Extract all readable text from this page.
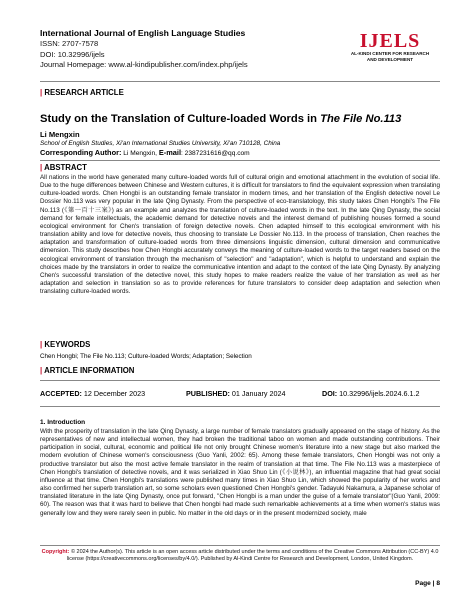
International Journal of English Language Studies
ISSN: 2707-7578
DOI: 10.32996/ijels
Journal Homepage: www.al-kindipublisher.com/index.php/ijels
IJELS
AL-KINDI CENTER FOR RESEARCH
AND DEVELOPMENT
| RESEARCH ARTICLE
Study on the Translation of Culture-loaded Words in The File No.113
Li Mengxin
School of English Studies, Xi'an International Studies University, Xi'an 710128, China
Corresponding Author: Li Mengxin, E-mail: 2387231616@qq.com
| ABSTRACT
All nations in the world have generated many culture-loaded words full of cultural origin and emotional attachment in the evolution of social life. Due to the huge differences between Chinese and Western cultures, it is difficult for translators to find the equivalent expression when translating culture-loaded words. Chen Hongbi is an outstanding female translator in modern times, and her translation of the English detective novel Le Dossier No.113 was very popular in the late Qing Dynasty. From the perspective of eco-translatology, this study takes Chen Hongbi's The File No.113 (《第一百十三案》) as an example and analyzes the translation of culture-loaded words in the text. In the late Qing Dynasty, the social demand for female intellectuals, the academic demand for detective novels and the interest demand of publishing houses formed a sound ecological environment for Chen's translation of foreign detective novels. Chen adapted himself to this ecological environment with his translation ability and love for detective novels, thus choosing to translate Le Dossier No.113. In the process of translation, Chen reaches the adaptation and transformation of culture-loaded words from three dimensions linguistic dimension, cultural dimension and communicative dimension. This study describes how Chen Hongbi accurately conveys the meaning of culture-loaded words to the target readers based on the ecological environment of translation through the mechanism of "selection" and "adaptation", which is helpful to understand and explain the choices made by the translators in order to realize the communicative intention and adapt to the context of the late Qing Dynasty. By analyzing Chen's successful translation of the detective novel, this study hopes to make readers realize the value of her translation as well as her adaptation and selection in translation so as to provide references for future translators to consider deep adaptation and selection when translating culture-loaded words.
| KEYWORDS
Chen Hongbi; The File No.113; Culture-loaded Words; Adaptation; Selection
| ARTICLE INFORMATION
ACCEPTED: 12 December 2023	PUBLISHED: 01 January 2024	DOI: 10.32996/ijels.2024.6.1.2
1. Introduction
With the prosperity of translation in the late Qing Dynasty, a large number of female translators gradually appeared on the stage of history. As the representatives of new and intellectual women, they had broken the traditional taboo on women and made outstanding contributions. Their participation in social, cultural, economic and political life not only brought Chinese women's literature into a new stage but also marked the modern evolution of Chinese women's consciousness (Guo Yanli, 2002: 65). Among these female translators, Chen Hongbi was not only a productive translator but also the most active female translator in the realm of translation at that time. The File No.113 was a masterpiece of Chen Hongbi's translation of detective novels, and it was serialized in Xiao Shuo Lin (《小说林》), an influential magazine that had great social influence at that time. Chen Hongbi's translations were published many times in Xiao Shuo Lin, which showed the popularity of her works and also confirmed her superb translation art, so some scholars even questioned Chen Hongbi's gender. Tadayuki Nakamura, a Japanese scholar of translated literature in the late Qing Dynasty, once put forward, "Chen Hongbi is a man under the guise of a female translator"(Guo Yanli, 2009: 60). The reason was that it was hard to believe that Chen hongbi had made such remarkable achievements at a time when women's status was generally low and they were rarely seen in public. No matter in the old days or in the present modernized society, male
Copyright: © 2024 the Author(s). This article is an open access article distributed under the terms and conditions of the Creative Commons Attribution (CC-BY) 4.0 license (https://creativecommons.org/licenses/by/4.0/). Published by Al-Kindi Centre for Research and Development, London, United Kingdom.
Page | 8
